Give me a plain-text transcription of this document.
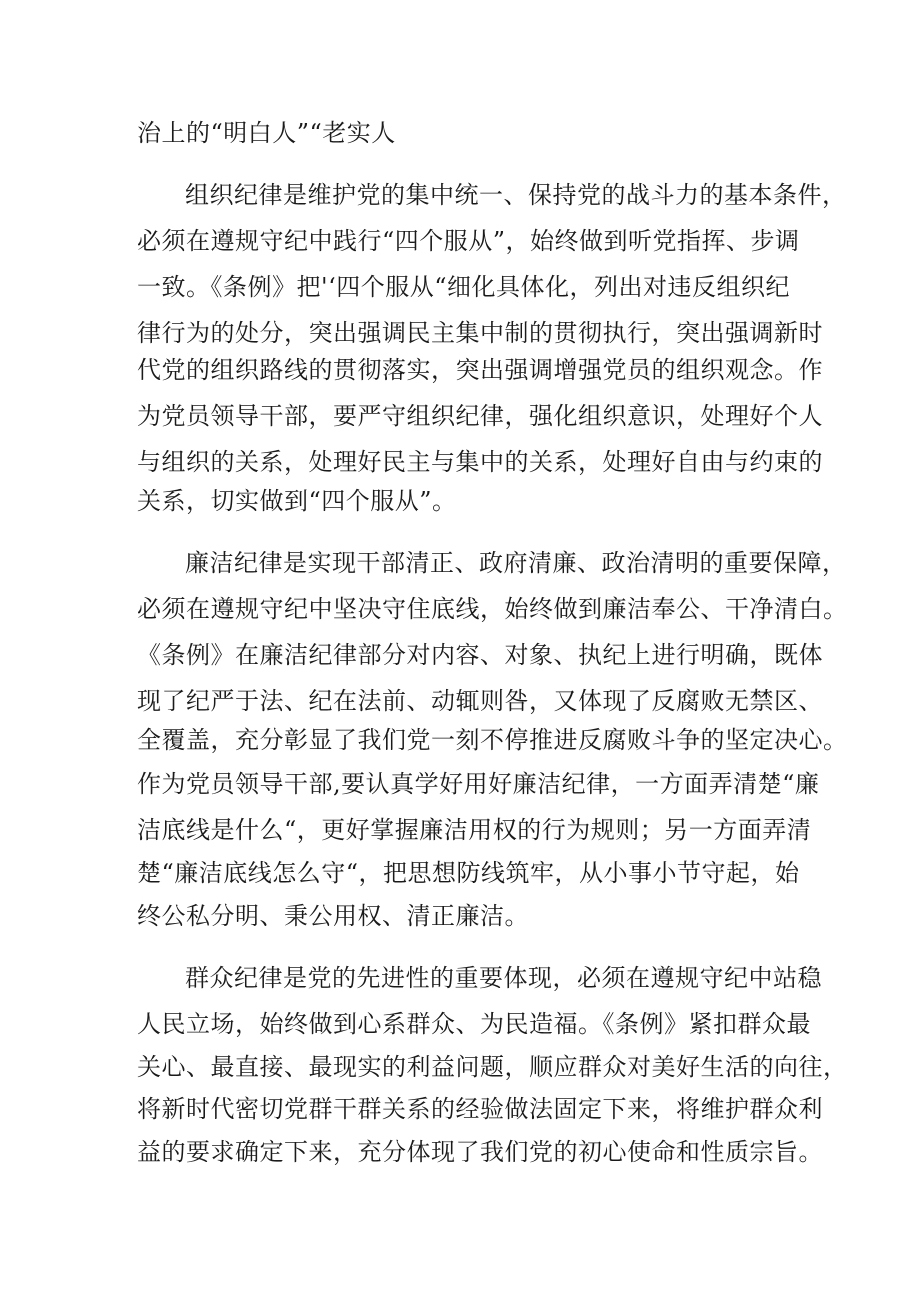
治上的“明白人”“老实人
组织纪律是维护党的集中统一、保持党的战斗力的基本条件，
必须在遵规守纪中践行“四个服从”，始终做到听党指挥、步调
一致。《条例》把'‘四个服从“细化具体化，列出对违反组织纪
律行为的处分，突出强调民主集中制的贯彻执行，突出强调新时
代党的组织路线的贯彻落实，突出强调增强党员的组织观念。作
为党员领导干部，要严守组织纪律，强化组织意识，处理好个人
与组织的关系，处理好民主与集中的关系，处理好自由与约束的
关系，切实做到“四个服从”。
廉洁纪律是实现干部清正、政府清廉、政治清明的重要保障，
必须在遵规守纪中坚决守住底线，始终做到廉洁奉公、干净清白。
《条例》在廉洁纪律部分对内容、对象、执纪上进行明确，既体
现了纪严于法、纪在法前、动辄则咎，又体现了反腐败无禁区、
全覆盖，充分彰显了我们党一刻不停推进反腐败斗争的坚定决心。
作为党员领导干部,要认真学好用好廉洁纪律，一方面弄清楚“廉
洁底线是什么“，更好掌握廉洁用权的行为规则；另一方面弄清
楚“廉洁底线怎么守“，把思想防线筑牢，从小事小节守起，始
终公私分明、秉公用权、清正廉洁。
群众纪律是党的先进性的重要体现，必须在遵规守纪中站稳
人民立场，始终做到心系群众、为民造福。《条例》紧扣群众最
关心、最直接、最现实的利益问题，顺应群众对美好生活的向往，
将新时代密切党群干群关系的经验做法固定下来，将维护群众利
益的要求确定下来，充分体现了我们党的初心使命和性质宗旨。
